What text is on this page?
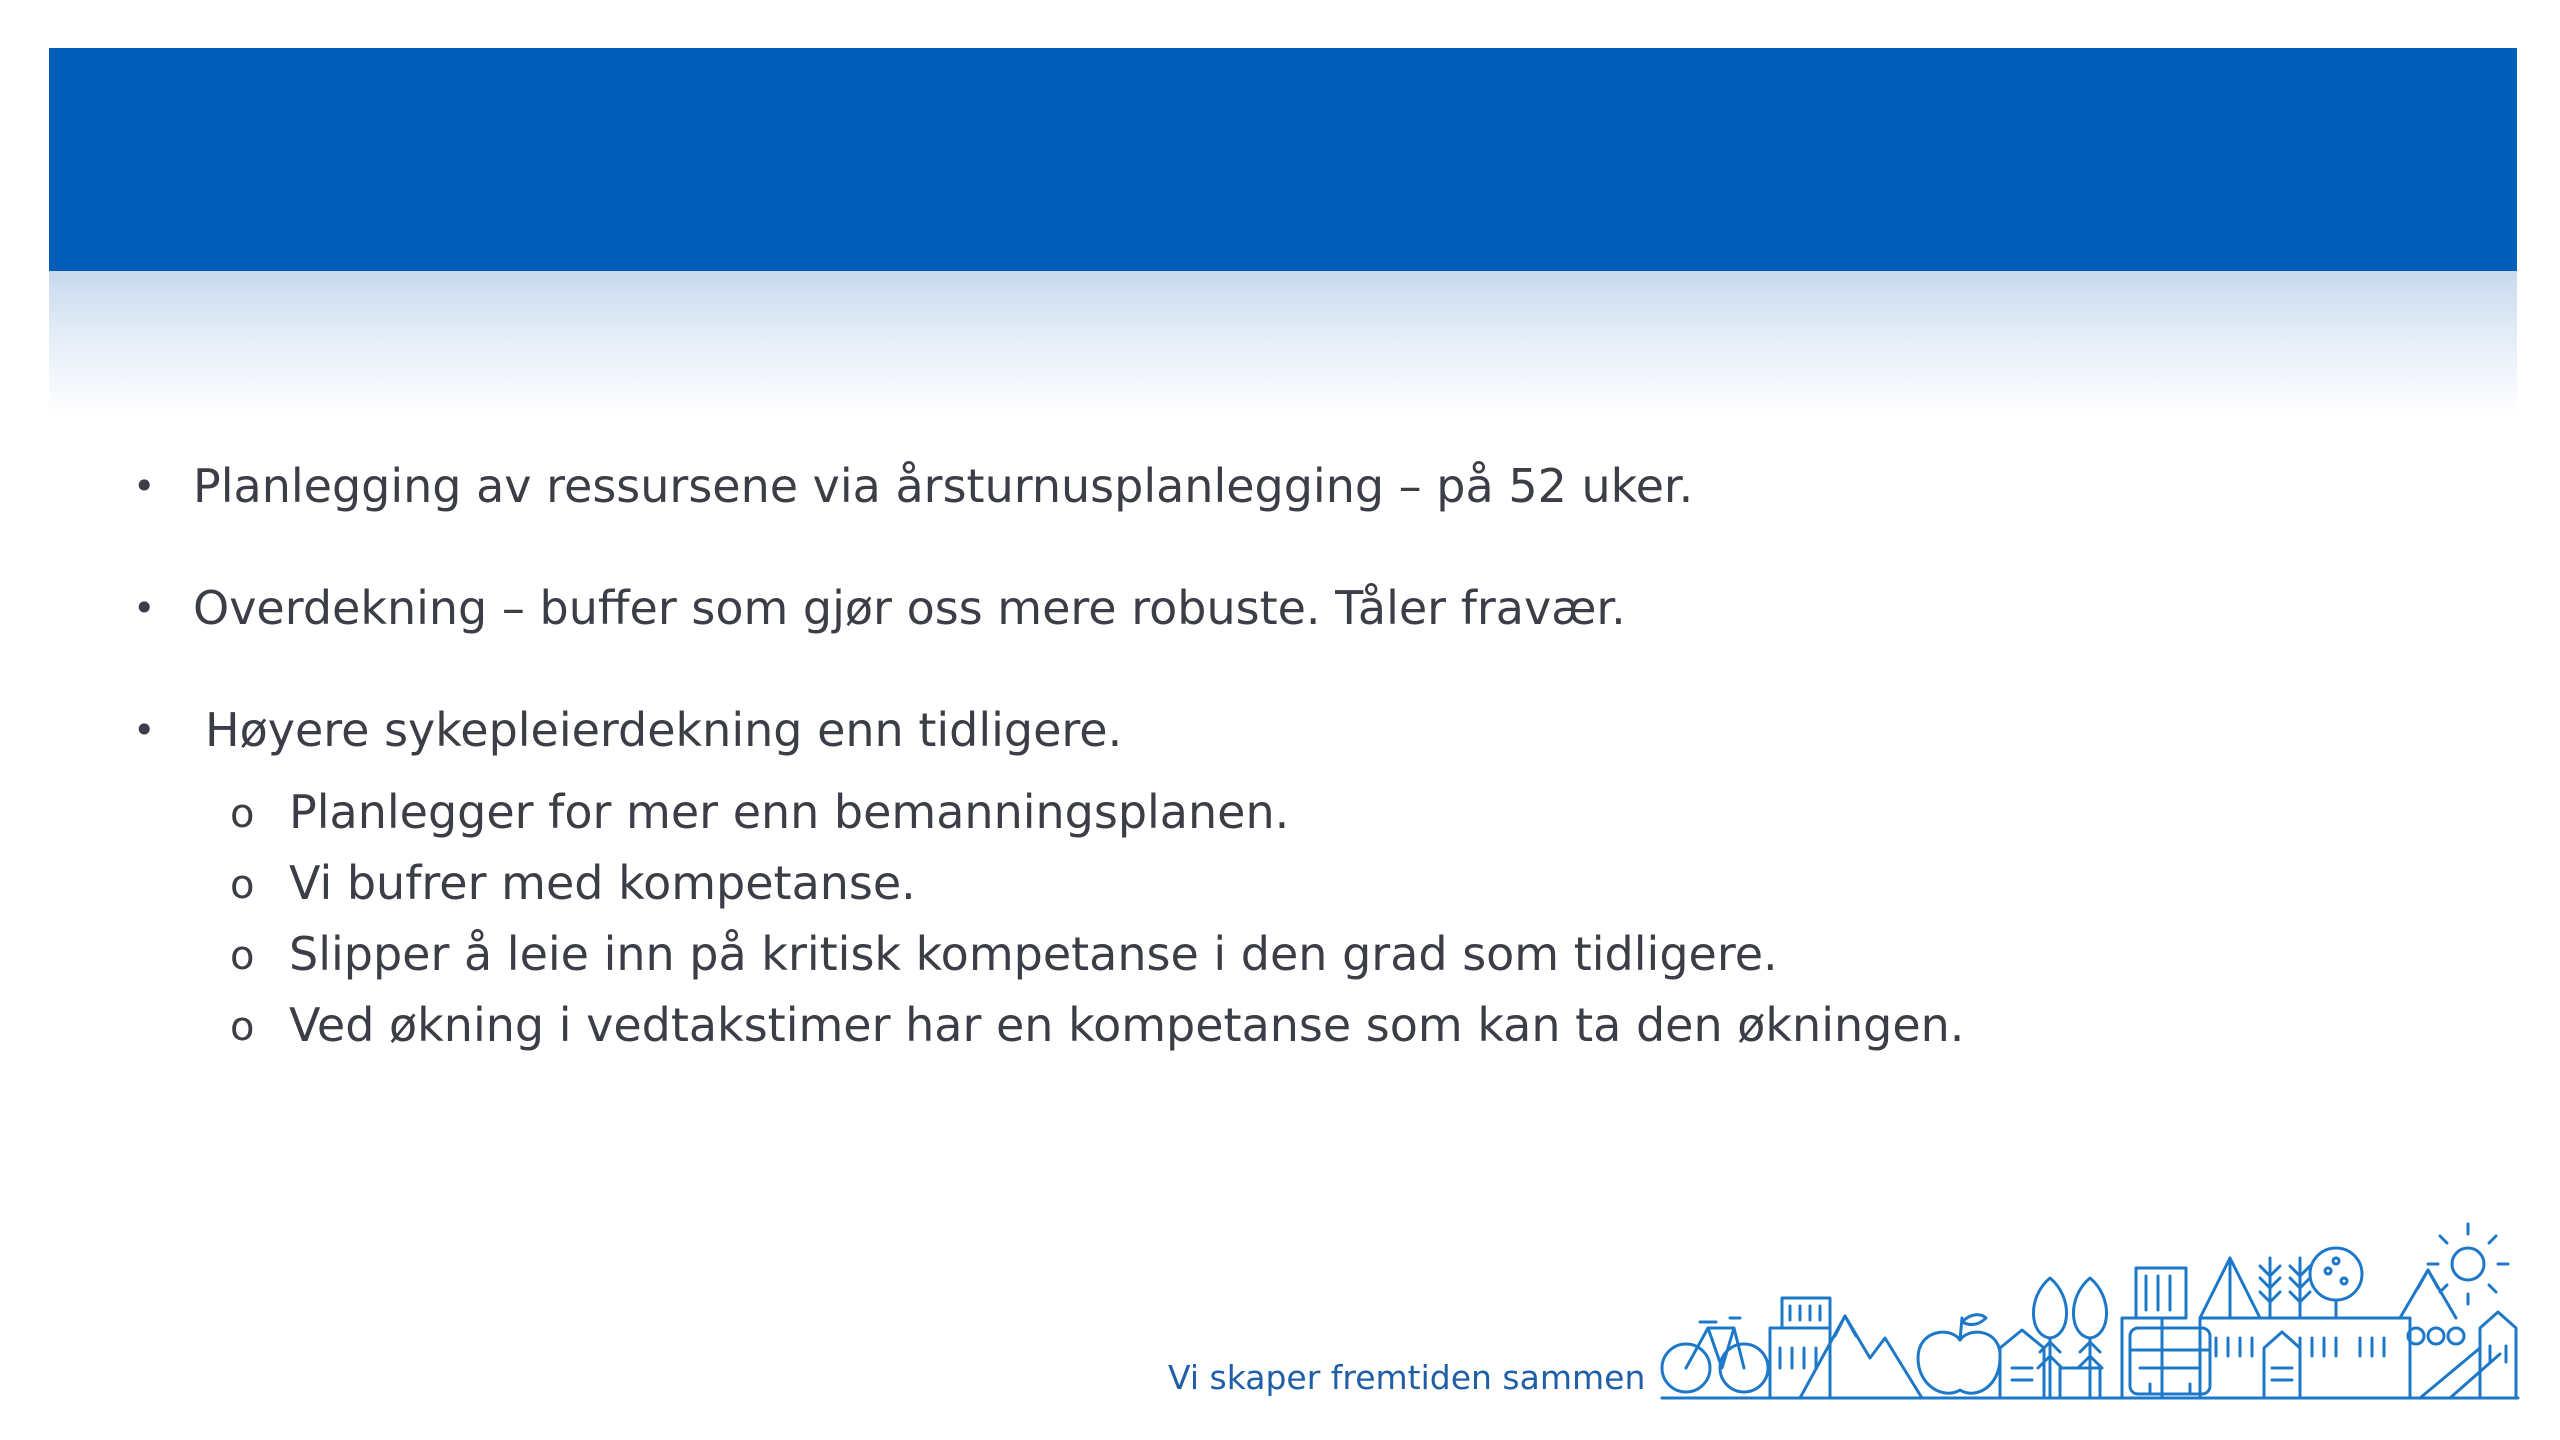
• Planlegging av ressursene via årsturnusplanlegging – på 52 uker.
• Overdekning – buffer som gjør oss mere robuste. Tåler fravær.
• Høyere sykepleierdekning enn tidligere.
o Planlegger for mer enn bemanningsplanen.
o Vi bufrer med kompetanse.
o Slipper å leie inn på kritisk kompetanse i den grad som tidligere.
o Ved økning i vedtakstimer har en kompetanse som kan ta den økningen.
Vi skaper fremtiden sammen
